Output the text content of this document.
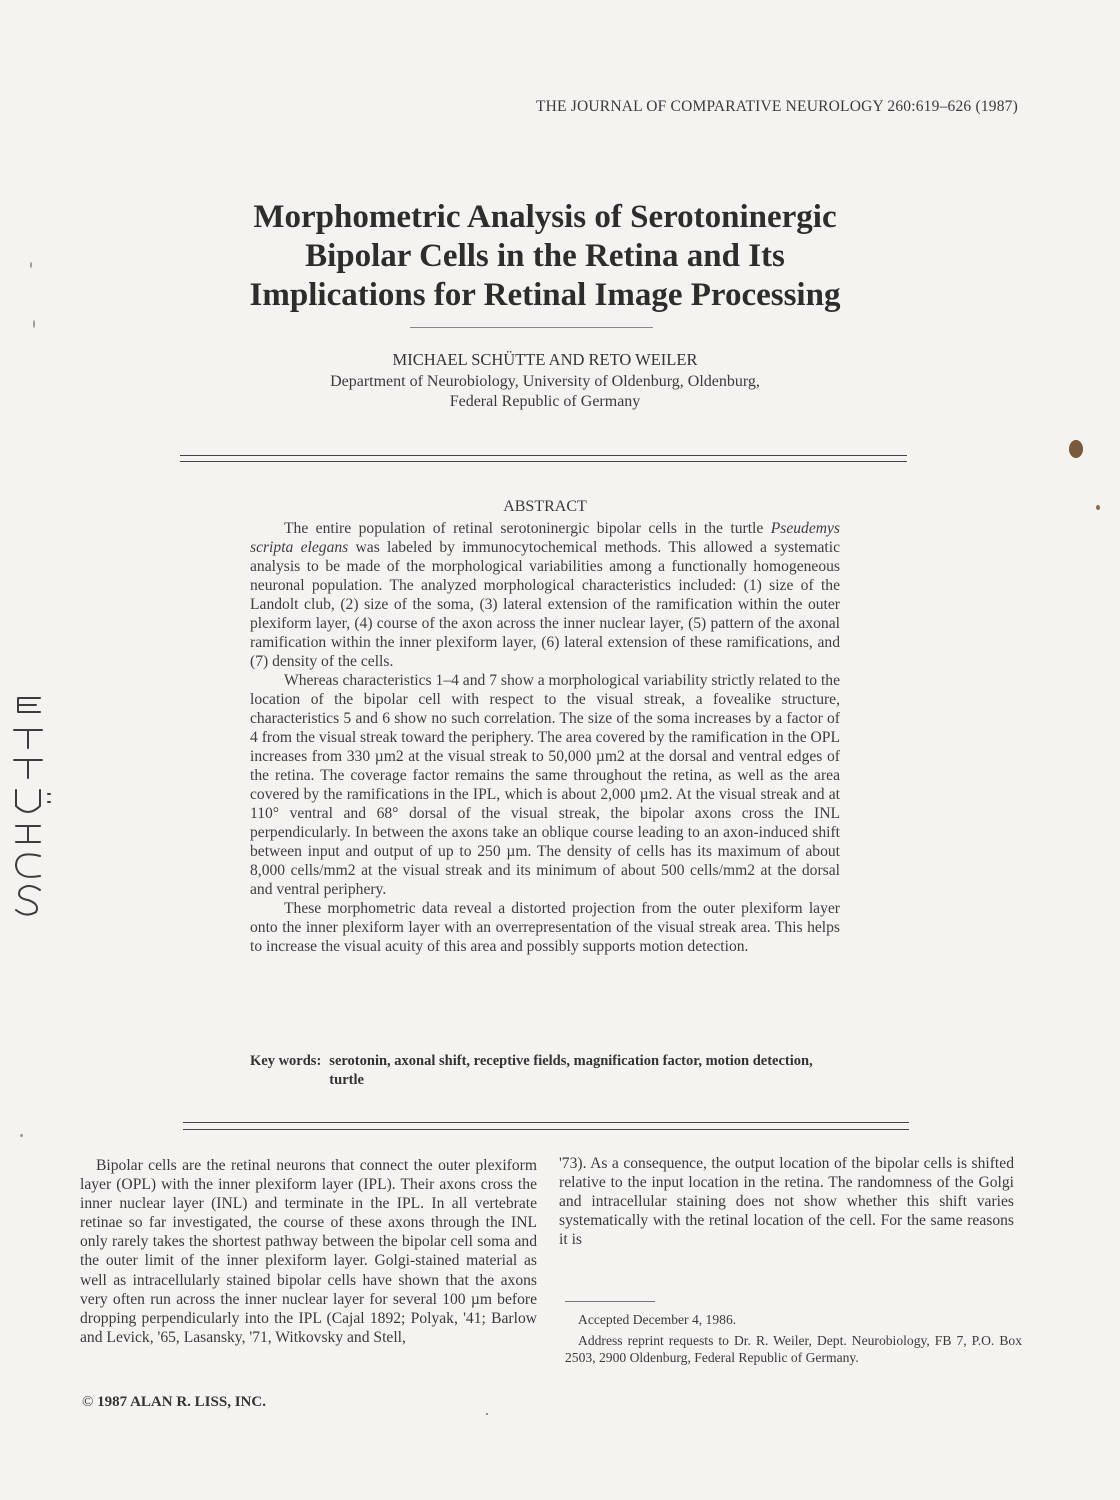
THE JOURNAL OF COMPARATIVE NEUROLOGY 260:619–626 (1987)
Morphometric Analysis of Serotoninergic
Bipolar Cells in the Retina and Its
Implications for Retinal Image Processing
MICHAEL SCHÜTTE AND RETO WEILER
Department of Neurobiology, University of Oldenburg, Oldenburg,
Federal Republic of Germany
ABSTRACT

The entire population of retinal serotoninergic bipolar cells in the turtle Pseudemys scripta elegans was labeled by immunocytochemical methods. This allowed a systematic analysis to be made of the morphological variabilities among a functionally homogeneous neuronal population. The analyzed morphological characteristics included: (1) size of the Landolt club, (2) size of the soma, (3) lateral extension of the ramification within the outer plexiform layer, (4) course of the axon across the inner nuclear layer, (5) pattern of the axonal ramification within the inner plexiform layer, (6) lateral extension of these ramifications, and (7) density of the cells.

Whereas characteristics 1–4 and 7 show a morphological variability strictly related to the location of the bipolar cell with respect to the visual streak, a fovealike structure, characteristics 5 and 6 show no such correlation. The size of the soma increases by a factor of 4 from the visual streak toward the periphery. The area covered by the ramification in the OPL increases from 330 µm2 at the visual streak to 50,000 µm2 at the dorsal and ventral edges of the retina. The coverage factor remains the same throughout the retina, as well as the area covered by the ramifications in the IPL, which is about 2,000 µm2. At the visual streak and at 110° ventral and 68° dorsal of the visual streak, the bipolar axons cross the INL perpendicularly. In between the axons take an oblique course leading to an axon-induced shift between input and output of up to 250 µm. The density of cells has its maximum of about 8,000 cells/mm2 at the visual streak and its minimum of about 500 cells/mm2 at the dorsal and ventral periphery.

These morphometric data reveal a distorted projection from the outer plexiform layer onto the inner plexiform layer with an overrepresentation of the visual streak area. This helps to increase the visual acuity of this area and possibly supports motion detection.

Key words: serotonin, axonal shift, receptive fields, magnification factor, motion detection, turtle

Bipolar cells are the retinal neurons that connect the outer plexiform layer (OPL) with the inner plexiform layer (IPL). Their axons cross the inner nuclear layer (INL) and terminate in the IPL. In all vertebrate retinae so far investigated, the course of these axons through the INL only rarely takes the shortest pathway between the bipolar cell soma and the outer limit of the inner plexiform layer. Golgi-stained material as well as intracellularly stained bipolar cells have shown that the axons very often run across the inner nuclear layer for several 100 µm before dropping perpendicularly into the IPL (Cajal 1892; Polyak, '41; Barlow and Levick, '65, Lasansky, '71, Witkovsky and Stell,

'73). As a consequence, the output location of the bipolar cells is shifted relative to the input location in the retina. The randomness of the Golgi and intracellular staining does not show whether this shift varies systematically with the retinal location of the cell. For the same reasons it is

Accepted December 4, 1986.

Address reprint requests to Dr. R. Weiler, Dept. Neurobiology, FB 7, P.O. Box 2503, 2900 Oldenburg, Federal Republic of Germany.

© 1987 ALAN R. LISS, INC.
